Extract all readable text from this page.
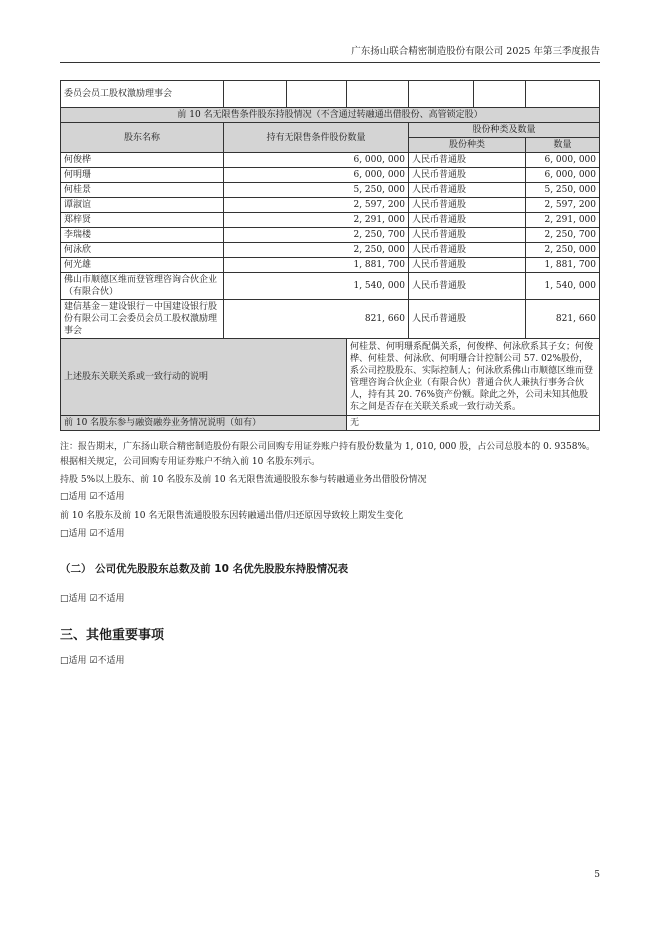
广东扬山联合精密制造股份有限公司 2025 年第三季度报告
委员会员工股权激励理事会						
前 10 名无限售条件股东持股情况（不含通过转融通出借股份、高管锁定股）						
股东名称	持有无限售条件股份数量			股份种类及数量		
				股份种类		数量
何俊桦	6, 000, 000			人民币普通股		6, 000, 000
何明珊	6, 000, 000			人民币普通股		6, 000, 000
何桂景	5, 250, 000			人民币普通股		5, 250, 000
谭淑谊	2, 597, 200			人民币普通股		2, 597, 200
郑梓贤	2, 291, 000			人民币普通股		2, 291, 000
李瑞楼	2, 250, 700			人民币普通股		2, 250, 700
何泳欣	2, 250, 000			人民币普通股		2, 250, 000
何光雄	1, 881, 700			人民币普通股		1, 881, 700
佛山市顺德区维而登管理咨询合伙企业（有限合伙）	1, 540, 000			人民币普通股		1, 540, 000
建信基金－建设银行－中国建设银行股份有限公司工会委员会员工股权激励理事会	821, 660			人民币普通股		821, 660
上述股东关联关系或一致行动的说明			何桂景、何明珊系配偶关系，何俊桦、何泳欣系其子女；何俊桦、何桂景、何泳欣、何明珊合计控制公司 57. 02%股份，系公司控股股东、实际控制人；何泳欣系佛山市顺德区维而登管理咨询合伙企业（有限合伙）普通合伙人兼执行事务合伙人，持有其 20. 76%资产份额。除此之外，公司未知其他股东之间是否存在关联关系或一致行动关系。			
前 10 名股东参与融资融券业务情况说明（如有）			无			

注：报告期末，广东扬山联合精密制造股份有限公司回购专用证券账户持有股份数量为 1, 010, 000 股，占公司总股本的 0. 9358%。根据相关规定，公司回购专用证券账户不纳入前 10 名股东列示。

持股 5%以上股东、前 10 名股东及前 10 名无限售流通股股东参与转融通业务出借股份情况

□适用 ☑不适用

前 10 名股东及前 10 名无限售流通股股东因转融通出借/归还原因导致较上期发生变化

□适用 ☑不适用

（二） 公司优先股股东总数及前 10 名优先股股东持股情况表

□适用 ☑不适用

三、其他重要事项

□适用 ☑不适用

5
